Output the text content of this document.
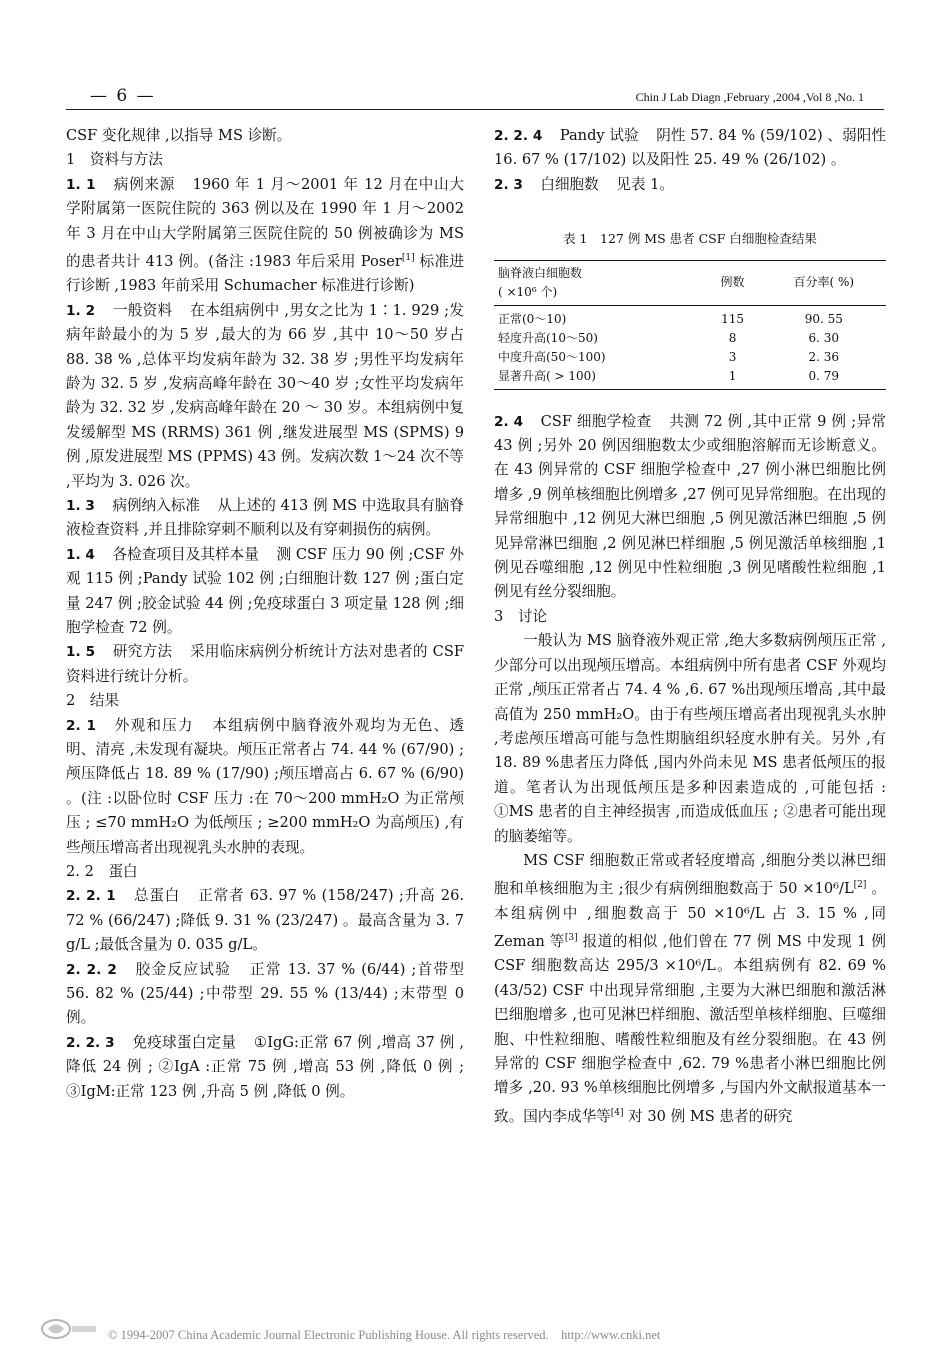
— 6 —	Chin J Lab Diagn ,February ,2004 ,Vol 8 ,No. 1

CSF 变化规律 ,以指导 MS 诊断。

1　资料与方法

1. 1 病例来源 1960 年 1 月～2001 年 12 月在中山大学附属第一医院住院的 363 例以及在 1990 年 1 月～2002 年 3 月在中山大学附属第三医院住院的 50 例被确诊为 MS 的患者共计 413 例。(备注 :1983 年后采用 Poser[1] 标准进行诊断 ,1983 年前采用 Schumacher 标准进行诊断)

1. 2 一般资料 在本组病例中 ,男女之比为 1∶1. 929 ;发病年龄最小的为 5 岁 ,最大的为 66 岁 ,其中 10～50 岁占 88. 38 % ,总体平均发病年龄为 32. 38 岁 ;男性平均发病年龄为 32. 5 岁 ,发病高峰年龄在 30～40 岁 ;女性平均发病年龄为 32. 32 岁 ,发病高峰年龄在 20 ～ 30 岁。本组病例中复发缓解型 MS (RRMS) 361 例 ,继发进展型 MS (SPMS) 9 例 ,原发进展型 MS (PPMS) 43 例。发病次数 1～24 次不等 ,平均为 3. 026 次。

1. 3 病例纳入标准 从上述的 413 例 MS 中选取具有脑脊液检查资料 ,并且排除穿刺不顺利以及有穿刺损伤的病例。

1. 4 各检查项目及其样本量 测 CSF 压力 90 例 ;CSF 外观 115 例 ;Pandy 试验 102 例 ;白细胞计数 127 例 ;蛋白定量 247 例 ;胶金试验 44 例 ;免疫球蛋白 3 项定量 128 例 ;细胞学检查 72 例。

1. 5 研究方法 采用临床病例分析统计方法对患者的 CSF 资料进行统计分析。

2　结果

2. 1 外观和压力 本组病例中脑脊液外观均为无色、透明、清亮 ,未发现有凝块。颅压正常者占 74. 44 % (67/90) ;颅压降低占 18. 89 % (17/90) ;颅压增高占 6. 67 % (6/90) 。(注 :以卧位时 CSF 压力 :在 70～200 mmH₂O 为正常颅压 ; ≤70 mmH₂O 为低颅压 ; ≥200 mmH₂O 为高颅压) ,有些颅压增高者出现视乳头水肿的表现。

2. 2　蛋白

2. 2. 1 总蛋白 正常者 63. 97 % (158/247) ;升高 26. 72 % (66/247) ;降低 9. 31 % (23/247) 。最高含量为 3. 7 g/L ;最低含量为 0. 035 g/L。

2. 2. 2 胶金反应试验 正常 13. 37 % (6/44) ;首带型 56. 82 % (25/44) ;中带型 29. 55 % (13/44) ;末带型 0 例。

2. 2. 3 免疫球蛋白定量 ①IgG:正常 67 例 ,增高 37 例 ,降低 24 例 ; ②IgA :正常 75 例 ,增高 53 例 ,降低 0 例 ; ③IgM:正常 123 例 ,升高 5 例 ,降低 0 例。

2. 2. 4 Pandy 试验 阴性 57. 84 % (59/102) 、弱阳性 16. 67 % (17/102) 以及阳性 25. 49 % (26/102) 。

2. 3 白细胞数 见表 1。

表 1　127 例 MS 患者 CSF 白细胞检查结果
脑脊液白细胞数
( ×10⁶ 个)	例数	百分率( %)
正常(0～10)	115	90. 55
轻度升高(10～50)	8	6. 30
中度升高(50～100)	3	2. 36
显著升高( > 100)	1	0. 79

2. 4 CSF 细胞学检查 共测 72 例 ,其中正常 9 例 ;异常 43 例 ;另外 20 例因细胞数太少或细胞溶解而无诊断意义。在 43 例异常的 CSF 细胞学检查中 ,27 例小淋巴细胞比例增多 ,9 例单核细胞比例增多 ,27 例可见异常细胞。在出现的异常细胞中 ,12 例见大淋巴细胞 ,5 例见激活淋巴细胞 ,5 例见异常淋巴细胞 ,2 例见淋巴样细胞 ,5 例见激活单核细胞 ,1 例见吞噬细胞 ,12 例见中性粒细胞 ,3 例见嗜酸性粒细胞 ,1 例见有丝分裂细胞。

3　讨论

一般认为 MS 脑脊液外观正常 ,绝大多数病例颅压正常 ,少部分可以出现颅压增高。本组病例中所有患者 CSF 外观均正常 ,颅压正常者占 74. 4 % ,6. 67 %出现颅压增高 ,其中最高值为 250 mmH₂O。由于有些颅压增高者出现视乳头水肿 ,考虑颅压增高可能与急性期脑组织轻度水肿有关。另外 ,有 18. 89 %患者压力降低 ,国内外尚未见 MS 患者低颅压的报道。笔者认为出现低颅压是多种因素造成的 ,可能包括 : ①MS 患者的自主神经损害 ,而造成低血压 ; ②患者可能出现的脑萎缩等。

MS CSF 细胞数正常或者轻度增高 ,细胞分类以淋巴细胞和单核细胞为主 ;很少有病例细胞数高于 50 ×10⁶/L[2] 。本组病例中 ,细胞数高于 50 ×10⁶/L 占 3. 15 % ,同 Zeman 等[3] 报道的相似 ,他们曾在 77 例 MS 中发现 1 例 CSF 细胞数高达 295/3 ×10⁶/L。本组病例有 82. 69 % (43/52) CSF 中出现异常细胞 ,主要为大淋巴细胞和激活淋巴细胞增多 ,也可见淋巴样细胞、激活型单核样细胞、巨噬细胞、中性粒细胞、嗜酸性粒细胞及有丝分裂细胞。在 43 例异常的 CSF 细胞学检查中 ,62. 79 %患者小淋巴细胞比例增多 ,20. 93 %单核细胞比例增多 ,与国内外文献报道基本一致。国内李成华等[4] 对 30 例 MS 患者的研究

© 1994-2007 China Academic Journal Electronic Publishing House. All rights reserved.　http://www.cnki.net
